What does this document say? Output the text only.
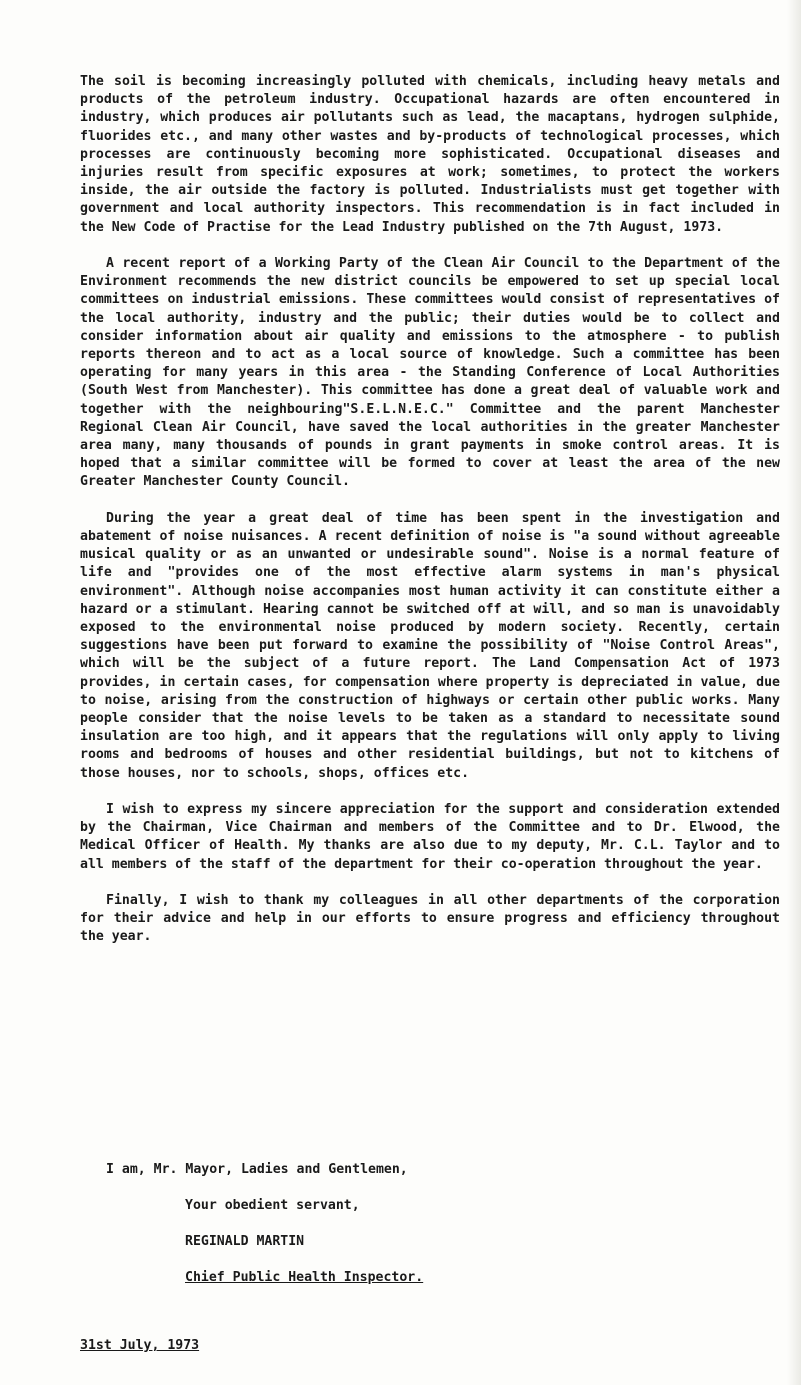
The soil is becoming increasingly polluted with chemicals, including heavy metals and products of the petroleum industry. Occupational hazards are often encountered in industry, which produces air pollutants such as lead, the macaptans, hydrogen sulphide, fluorides etc., and many other wastes and by-products of technological processes, which processes are continuously becoming more sophisticated. Occupational diseases and injuries result from specific exposures at work; sometimes, to protect the workers inside, the air outside the factory is polluted. Industrialists must get together with government and local authority inspectors. This recommendation is in fact included in the New Code of Practise for the Lead Industry published on the 7th August, 1973.

A recent report of a Working Party of the Clean Air Council to the Department of the Environment recommends the new district councils be empowered to set up special local committees on industrial emissions. These committees would consist of representatives of the local authority, industry and the public; their duties would be to collect and consider information about air quality and emissions to the atmosphere - to publish reports thereon and to act as a local source of knowledge. Such a committee has been operating for many years in this area - the Standing Conference of Local Authorities (South West from Manchester). This committee has done a great deal of valuable work and together with the neighbouring"S.E.L.N.E.C." Committee and the parent Manchester Regional Clean Air Council, have saved the local authorities in the greater Manchester area many, many thousands of pounds in grant payments in smoke control areas. It is hoped that a similar committee will be formed to cover at least the area of the new Greater Manchester County Council.

During the year a great deal of time has been spent in the investigation and abatement of noise nuisances. A recent definition of noise is "a sound without agreeable musical quality or as an unwanted or undesirable sound". Noise is a normal feature of life and "provides one of the most effective alarm systems in man's physical environment". Although noise accompanies most human activity it can constitute either a hazard or a stimulant. Hearing cannot be switched off at will, and so man is unavoidably exposed to the environmental noise produced by modern society. Recently, certain suggestions have been put forward to examine the possibility of "Noise Control Areas", which will be the subject of a future report. The Land Compensation Act of 1973 provides, in certain cases, for compensation where property is depreciated in value, due to noise, arising from the construction of highways or certain other public works. Many people consider that the noise levels to be taken as a standard to necessitate sound insulation are too high, and it appears that the regulations will only apply to living rooms and bedrooms of houses and other residential buildings, but not to kitchens of those houses, nor to schools, shops, offices etc.

I wish to express my sincere appreciation for the support and consideration extended by the Chairman, Vice Chairman and members of the Committee and to Dr. Elwood, the Medical Officer of Health. My thanks are also due to my deputy, Mr. C.L. Taylor and to all members of the staff of the department for their co-operation throughout the year.

Finally, I wish to thank my colleagues in all other departments of the corporation for their advice and help in our efforts to ensure progress and efficiency throughout the year.

I am, Mr. Mayor, Ladies and Gentlemen,
Your obedient servant,
REGINALD MARTIN
Chief Public Health Inspector.
31st July, 1973
